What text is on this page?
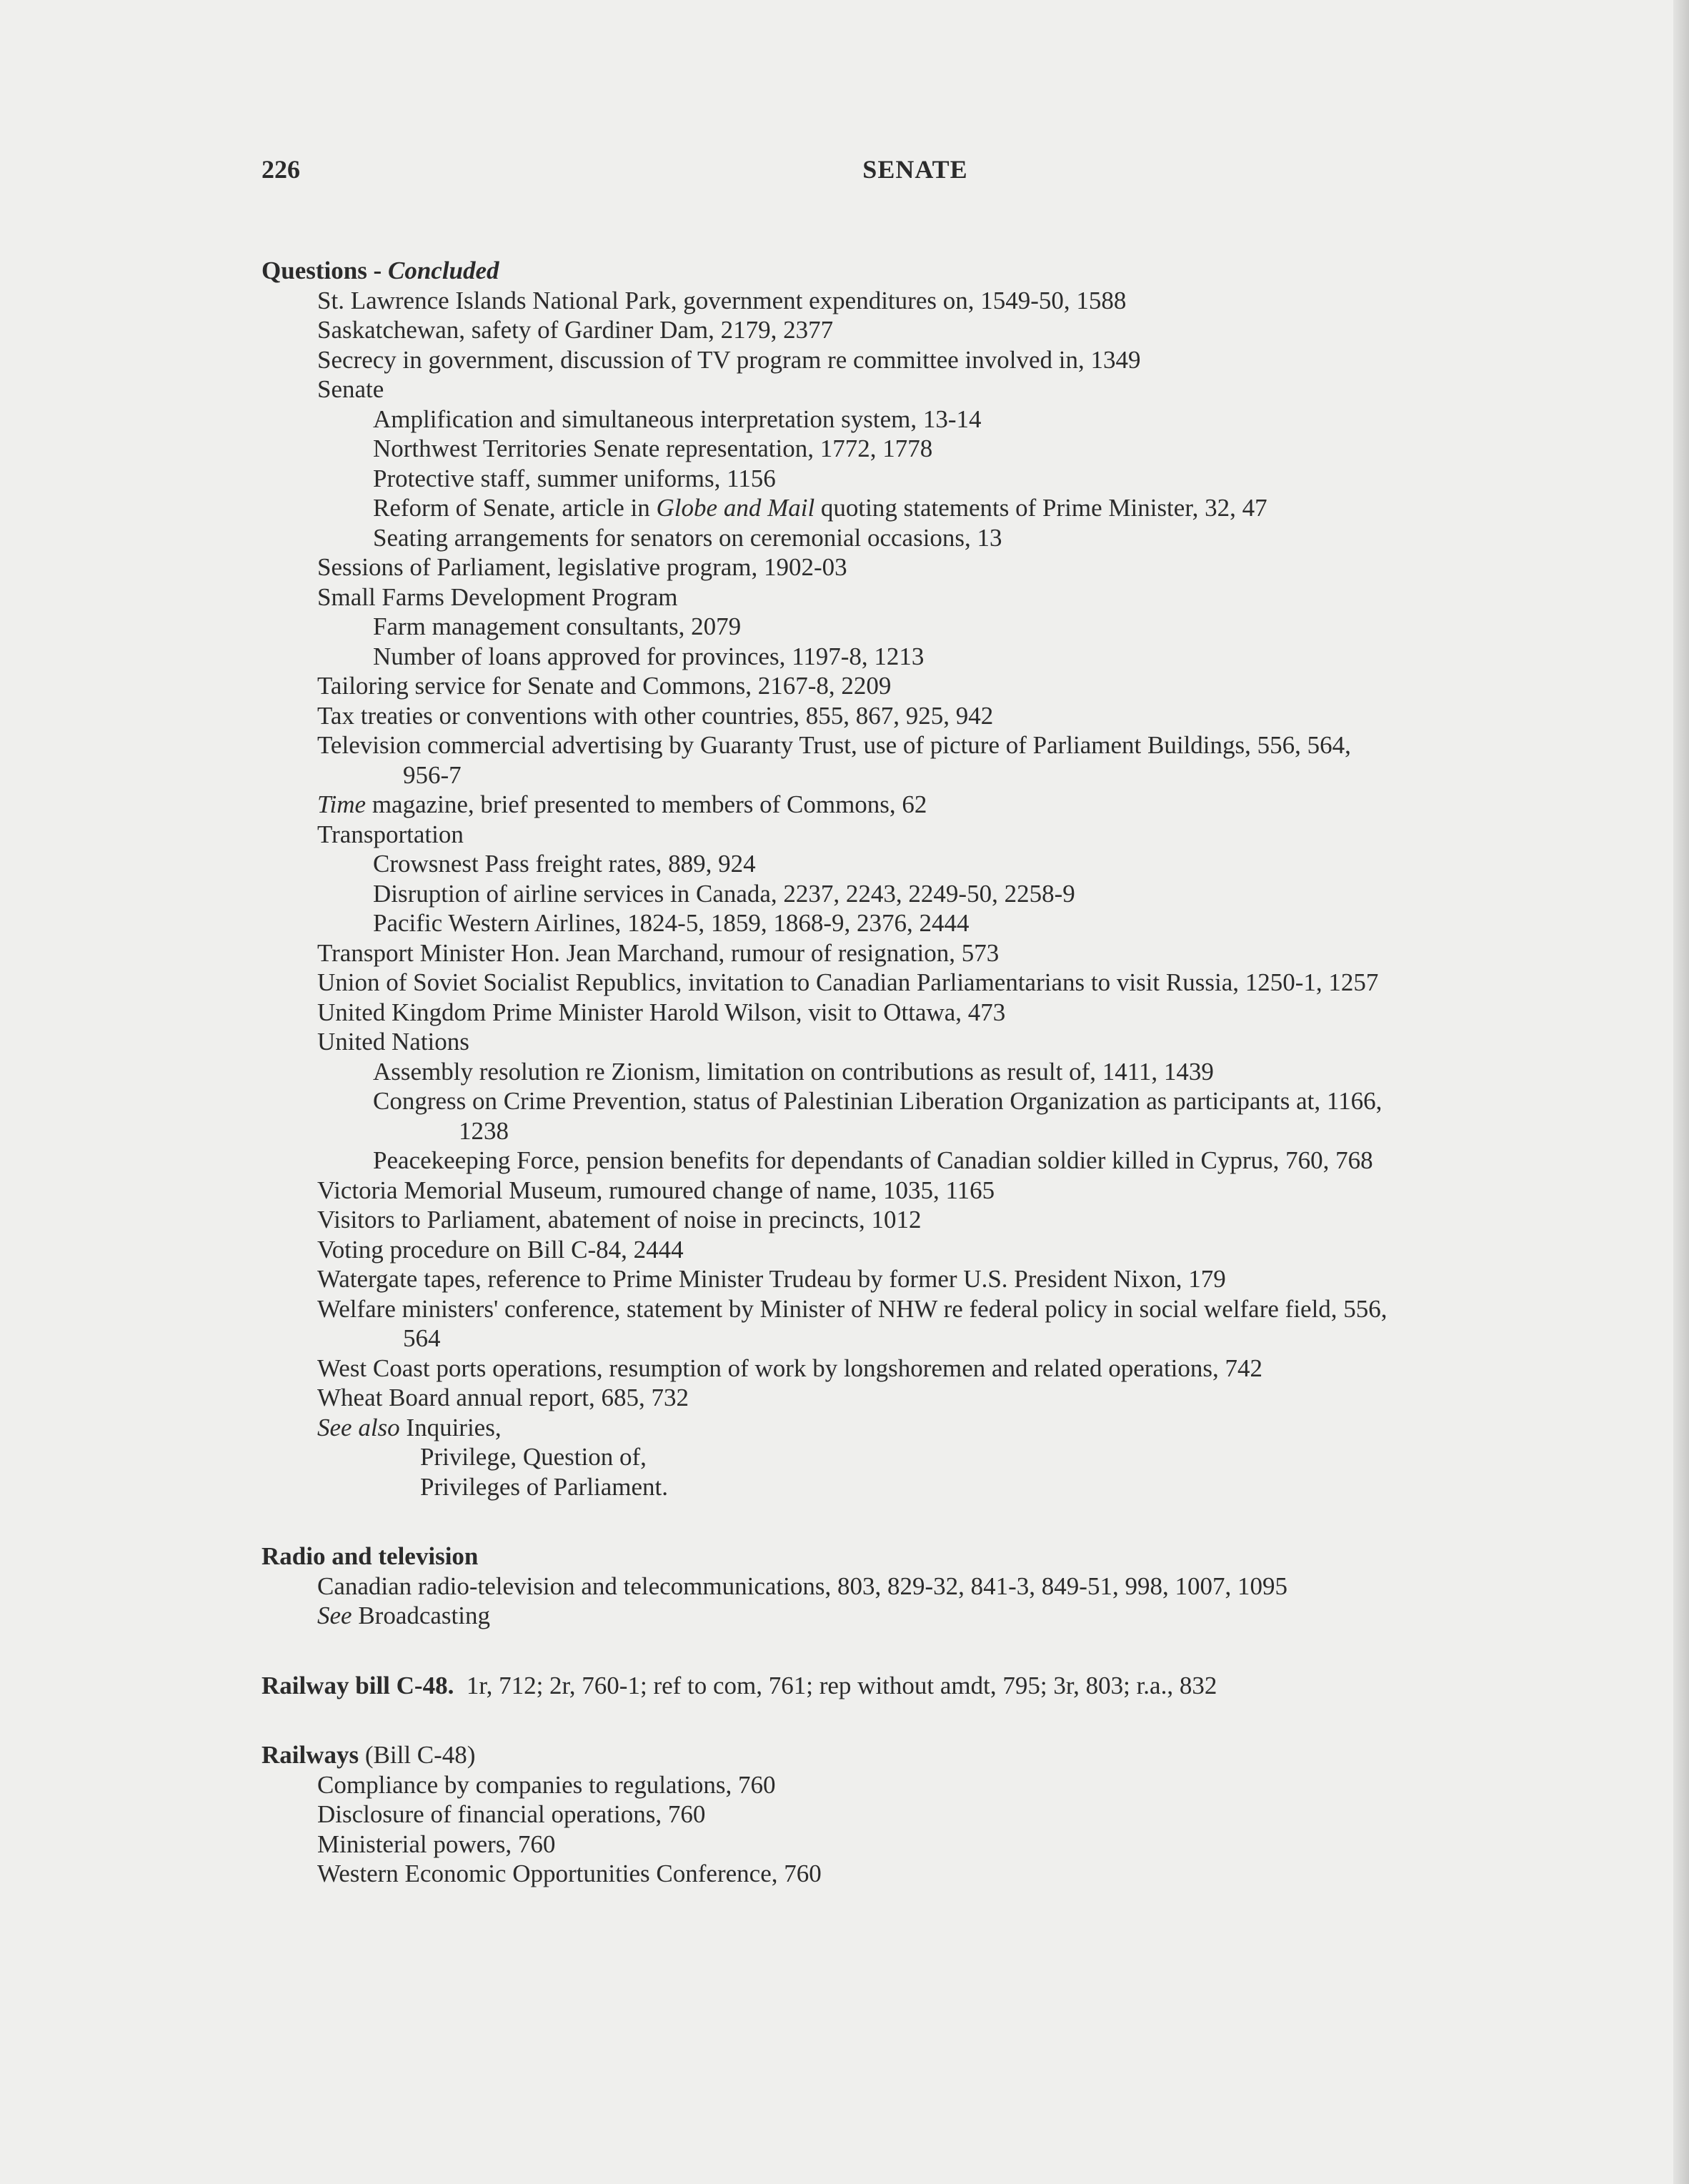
226	SENATE
Questions - Concluded
St. Lawrence Islands National Park, government expenditures on, 1549-50, 1588
Saskatchewan, safety of Gardiner Dam, 2179, 2377
Secrecy in government, discussion of TV program re committee involved in, 1349
Senate
Amplification and simultaneous interpretation system, 13-14
Northwest Territories Senate representation, 1772, 1778
Protective staff, summer uniforms, 1156
Reform of Senate, article in Globe and Mail quoting statements of Prime Minister, 32, 47
Seating arrangements for senators on ceremonial occasions, 13
Sessions of Parliament, legislative program, 1902-03
Small Farms Development Program
Farm management consultants, 2079
Number of loans approved for provinces, 1197-8, 1213
Tailoring service for Senate and Commons, 2167-8, 2209
Tax treaties or conventions with other countries, 855, 867, 925, 942
Television commercial advertising by Guaranty Trust, use of picture of Parliament Buildings, 556, 564,
956-7
Time magazine, brief presented to members of Commons, 62
Transportation
Crowsnest Pass freight rates, 889, 924
Disruption of airline services in Canada, 2237, 2243, 2249-50, 2258-9
Pacific Western Airlines, 1824-5, 1859, 1868-9, 2376, 2444
Transport Minister Hon. Jean Marchand, rumour of resignation, 573
Union of Soviet Socialist Republics, invitation to Canadian Parliamentarians to visit Russia, 1250-1, 1257
United Kingdom Prime Minister Harold Wilson, visit to Ottawa, 473
United Nations
Assembly resolution re Zionism, limitation on contributions as result of, 1411, 1439
Congress on Crime Prevention, status of Palestinian Liberation Organization as participants at, 1166,
1238
Peacekeeping Force, pension benefits for dependants of Canadian soldier killed in Cyprus, 760, 768
Victoria Memorial Museum, rumoured change of name, 1035, 1165
Visitors to Parliament, abatement of noise in precincts, 1012
Voting procedure on Bill C-84, 2444
Watergate tapes, reference to Prime Minister Trudeau by former U.S. President Nixon, 179
Welfare ministers' conference, statement by Minister of NHW re federal policy in social welfare field, 556,
564
West Coast ports operations, resumption of work by longshoremen and related operations, 742
Wheat Board annual report, 685, 732
See also Inquiries,
Privilege, Question of,
Privileges of Parliament.
Radio and television
Canadian radio-television and telecommunications, 803, 829-32, 841-3, 849-51, 998, 1007, 1095
See Broadcasting
Railway bill C-48. 1r, 712; 2r, 760-1; ref to com, 761; rep without amdt, 795; 3r, 803; r.a., 832
Railways (Bill C-48)
Compliance by companies to regulations, 760
Disclosure of financial operations, 760
Ministerial powers, 760
Western Economic Opportunities Conference, 760
